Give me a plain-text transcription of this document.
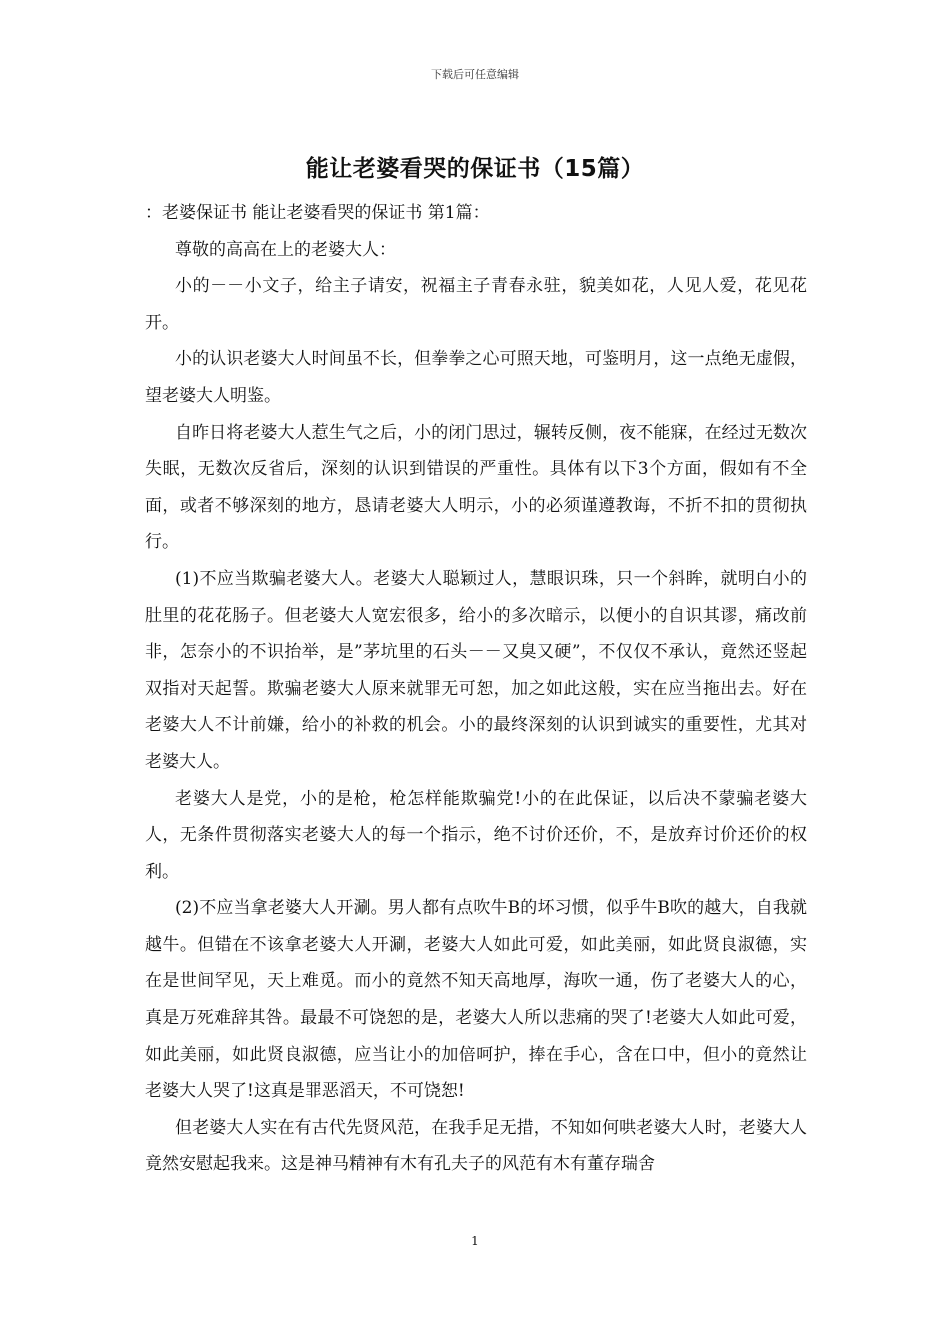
下载后可任意编辑
能让老婆看哭的保证书（15篇）

：老婆保证书 能让老婆看哭的保证书 第1篇：

尊敬的高高在上的老婆大人：

小的－－小文子，给主子请安，祝福主子青春永驻，貌美如花，人见人爱，花见花开。

小的认识老婆大人时间虽不长，但拳拳之心可照天地，可鉴明月，这一点绝无虚假，望老婆大人明鉴。

自昨日将老婆大人惹生气之后，小的闭门思过，辗转反侧，夜不能寐，在经过无数次失眠，无数次反省后，深刻的认识到错误的严重性。具体有以下3个方面，假如有不全面，或者不够深刻的地方，恳请老婆大人明示，小的必须谨遵教诲，不折不扣的贯彻执行。

(1)不应当欺骗老婆大人。老婆大人聪颖过人，慧眼识珠，只一个斜眸，就明白小的肚里的花花肠子。但老婆大人宽宏很多，给小的多次暗示，以便小的自识其谬，痛改前非，怎奈小的不识抬举，是”茅坑里的石头－－又臭又硬”，不仅仅不承认，竟然还竖起双指对天起誓。欺骗老婆大人原来就罪无可恕，加之如此这般，实在应当拖出去。好在老婆大人不计前嫌，给小的补救的机会。小的最终深刻的认识到诚实的重要性，尤其对老婆大人。

老婆大人是党，小的是枪，枪怎样能欺骗党!小的在此保证，以后决不蒙骗老婆大人，无条件贯彻落实老婆大人的每一个指示，绝不讨价还价，不，是放弃讨价还价的权利。

(2)不应当拿老婆大人开涮。男人都有点吹牛B的坏习惯，似乎牛B吹的越大，自我就越牛。但错在不该拿老婆大人开涮，老婆大人如此可爱，如此美丽，如此贤良淑德，实在是世间罕见，天上难觅。而小的竟然不知天高地厚，海吹一通，伤了老婆大人的心，真是万死难辞其咎。最最不可饶恕的是，老婆大人所以悲痛的哭了!老婆大人如此可爱，如此美丽，如此贤良淑德，应当让小的加倍呵护，捧在手心，含在口中，但小的竟然让老婆大人哭了!这真是罪恶滔天，不可饶恕!

但老婆大人实在有古代先贤风范，在我手足无措，不知如何哄老婆大人时，老婆大人竟然安慰起我来。这是神马精神有木有孔夫子的风范有木有董存瑞舍

1
